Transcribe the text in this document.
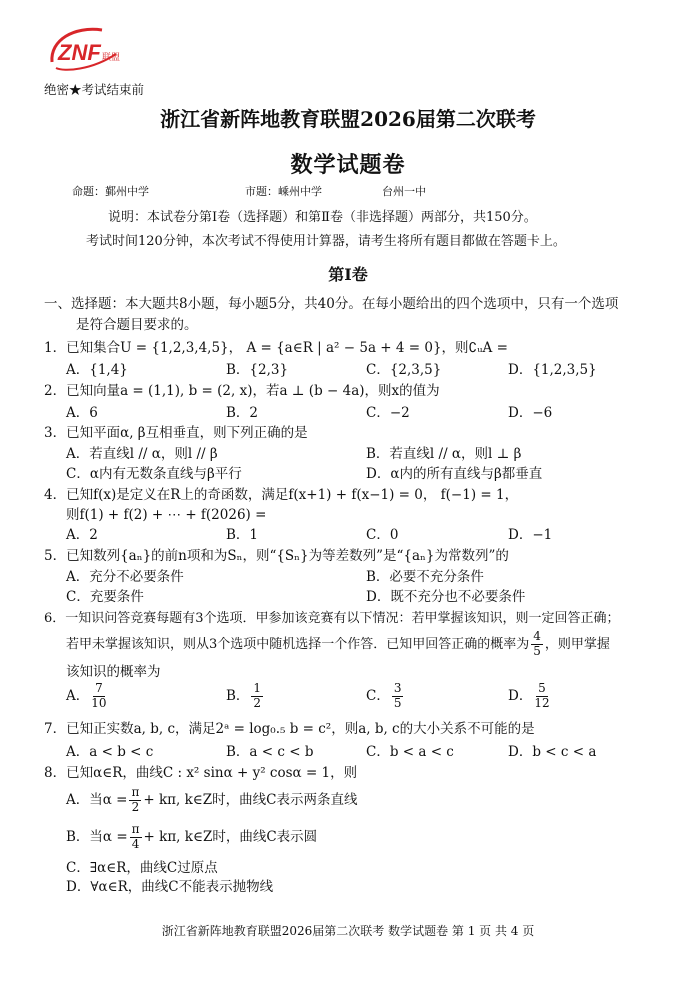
ZNF 联盟
绝密★考试结束前
浙江省新阵地教育联盟2026届第二次联考
数学试题卷
命题：鄞州中学	市题：嵊州中学	台州一中
说明：本试卷分第Ⅰ卷（选择题）和第Ⅱ卷（非选择题）两部分，共150分。
考试时间120分钟，本次考试不得使用计算器，请考生将所有题目都做在答题卡上。
第Ⅰ卷
一、选择题：本大题共8小题，每小题5分，共40分。在每小题给出的四个选项中，只有一个选项
是符合题目要求的。
1．已知集合U = {1,2,3,4,5}， A = {a∈R | a² − 5a + 4 = 0}，则∁ᵤA =
A．{1,4}	B．{2,3}	C．{2,3,5}	D．{1,2,3,5}
2．已知向量a = (1,1), b = (2, x)，若a ⊥ (b − 4a)，则x的值为
A．6	B．2	C．−2	D．−6
3．已知平面α, β互相垂直，则下列正确的是
A．若直线l // α，则l // β	B．若直线l // α，则l ⊥ β
C．α内有无数条直线与β平行	D．α内的所有直线与β都垂直
4．已知f(x)是定义在R上的奇函数，满足f(x+1) + f(x−1) = 0， f(−1) = 1，
则f(1) + f(2) + ⋯ + f(2026) =
A．2	B．1	C．0	D．−1
5．已知数列{aₙ}的前n项和为Sₙ，则“{Sₙ}为等差数列”是“{aₙ}为常数列”的
A．充分不必要条件	B．必要不充分条件
C．充要条件	D．既不充分也不必要条件
6．一知识问答竞赛每题有3个选项．甲参加该竞赛有以下情况：若甲掌握该知识，则一定回答正确；
若甲未掌握该知识，则从3个选项中随机选择一个作答．已知甲回答正确的概率为 $\frac{4}{5}$ ，则甲掌握
该知识的概率为
A． $\frac{7}{10}$	B． $\frac{1}{2}$	C． $\frac{3}{5}$	D． $\frac{5}{12}$
7．已知正实数a, b, c，满足2ᵃ = log₀.₅ b = c²，则a, b, c的大小关系不可能的是
A．a < b < c	B．a < c < b	C．b < a < c	D．b < c < a
8．已知α∈R，曲线C : x² sinα + y² cosα = 1，则
A．当$\alpha = \frac{\pi}{2} + k\pi$, k∈Z时，曲线C表示两条直线
B．当$\alpha = \frac{\pi}{4} + k\pi$, k∈Z时，曲线C表示圆
C．∃α∈R，曲线C过原点
D．∀α∈R，曲线C不能表示抛物线
浙江省新阵地教育联盟2026届第二次联考 数学试题卷 第 1 页 共 4 页
